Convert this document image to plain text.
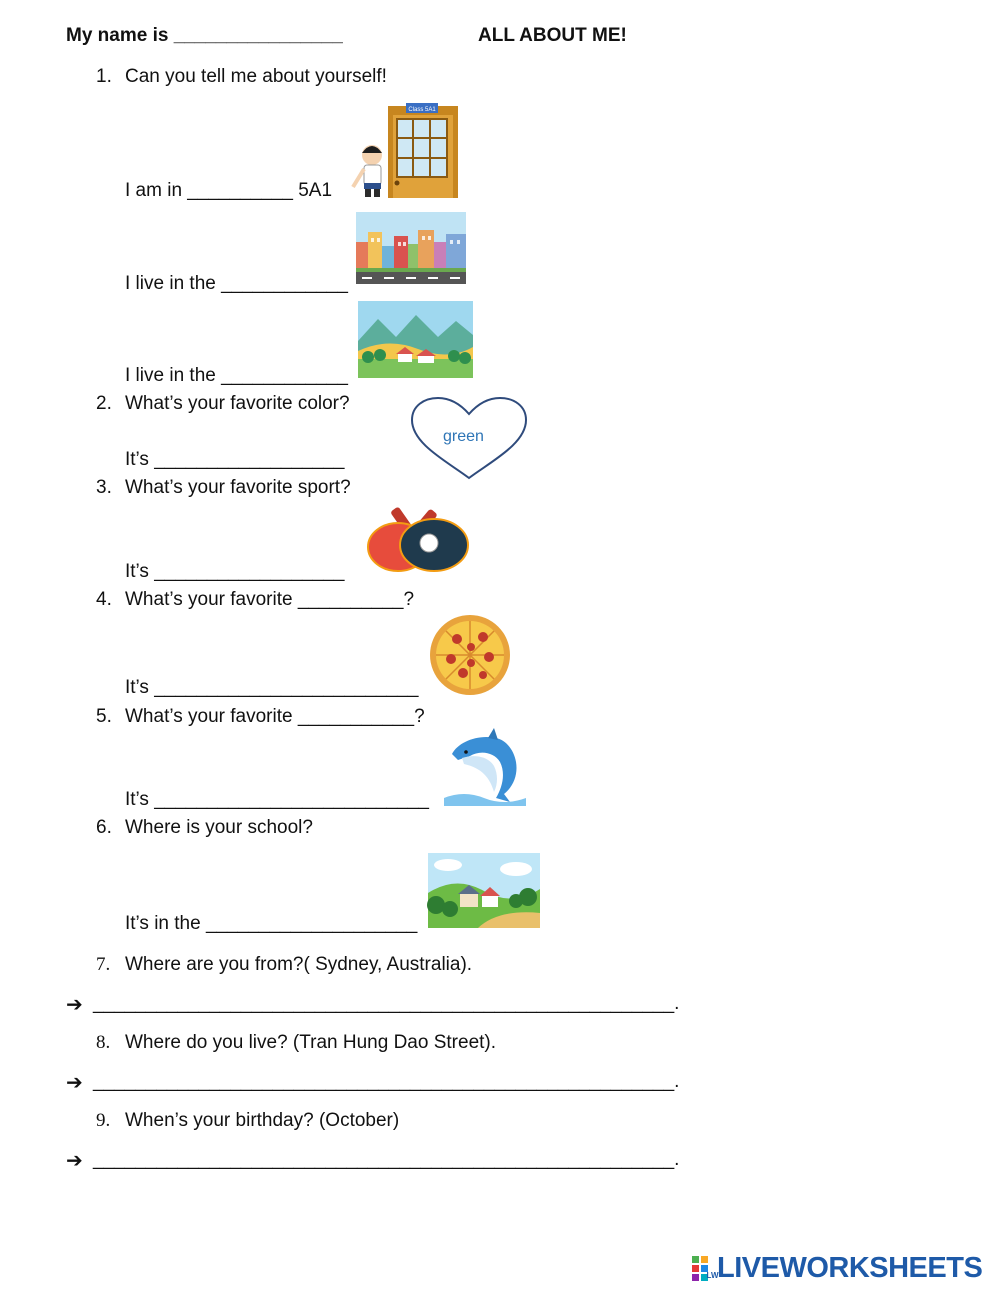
My name is ________________	ALL ABOUT ME!
1. Can you tell me about yourself!
I am in __________ 5A1
Class 5A1
I live in the ____________
I live in the ____________
2. What’s your favorite color?
It’s __________________
green
3. What’s your favorite sport?
It’s __________________
4. What’s your favorite __________?
It’s _________________________
5. What’s your favorite ___________?
It’s __________________________
6. Where is your school?
It’s in the ____________________
7. Where are you from?( Sydney, Australia).
➔ _______________________________________________________.
8. Where do you live? (Tran Hung Dao Street).
➔ _______________________________________________________.
9. When’s your birthday? (October)
➔ _______________________________________________________.
LW
LIVEWORKSHEETS
